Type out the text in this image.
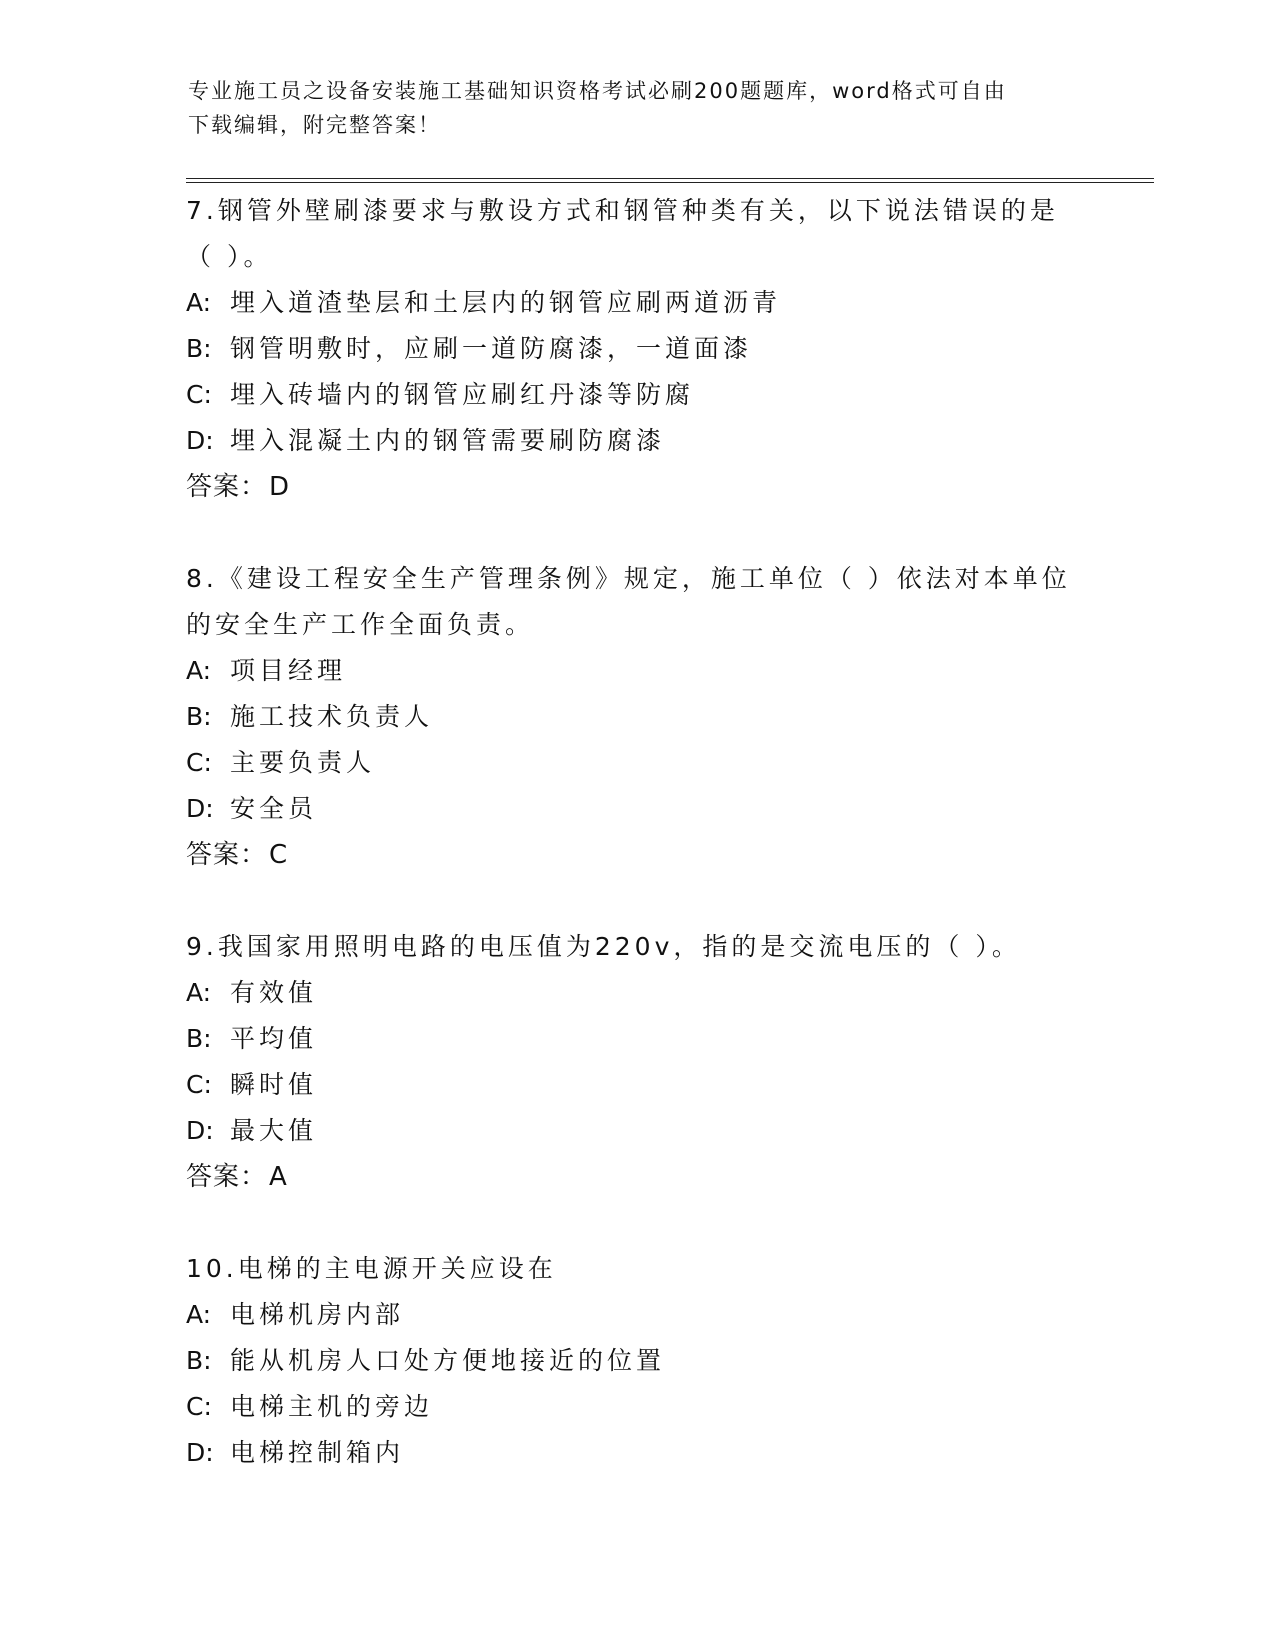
专业施工员之设备安装施工基础知识资格考试必刷200题题库，word格式可自由
下载编辑，附完整答案！
7.钢管外壁刷漆要求与敷设方式和钢管种类有关，以下说法错误的是（ ）。
A: 埋入道渣垫层和土层内的钢管应刷两道沥青
B: 钢管明敷时，应刷一道防腐漆，一道面漆
C: 埋入砖墙内的钢管应刷红丹漆等防腐
D: 埋入混凝土内的钢管需要刷防腐漆
答案：D
8.《建设工程安全生产管理条例》规定，施工单位（ ）依法对本单位的安全生产工作全面负责。
A: 项目经理
B: 施工技术负责人
C: 主要负责人
D: 安全员
答案：C
9.我国家用照明电路的电压值为220v，指的是交流电压的（ ）。
A: 有效值
B: 平均值
C: 瞬时值
D: 最大值
答案：A
10.电梯的主电源开关应设在
A: 电梯机房内部
B: 能从机房人口处方便地接近的位置
C: 电梯主机的旁边
D: 电梯控制箱内
